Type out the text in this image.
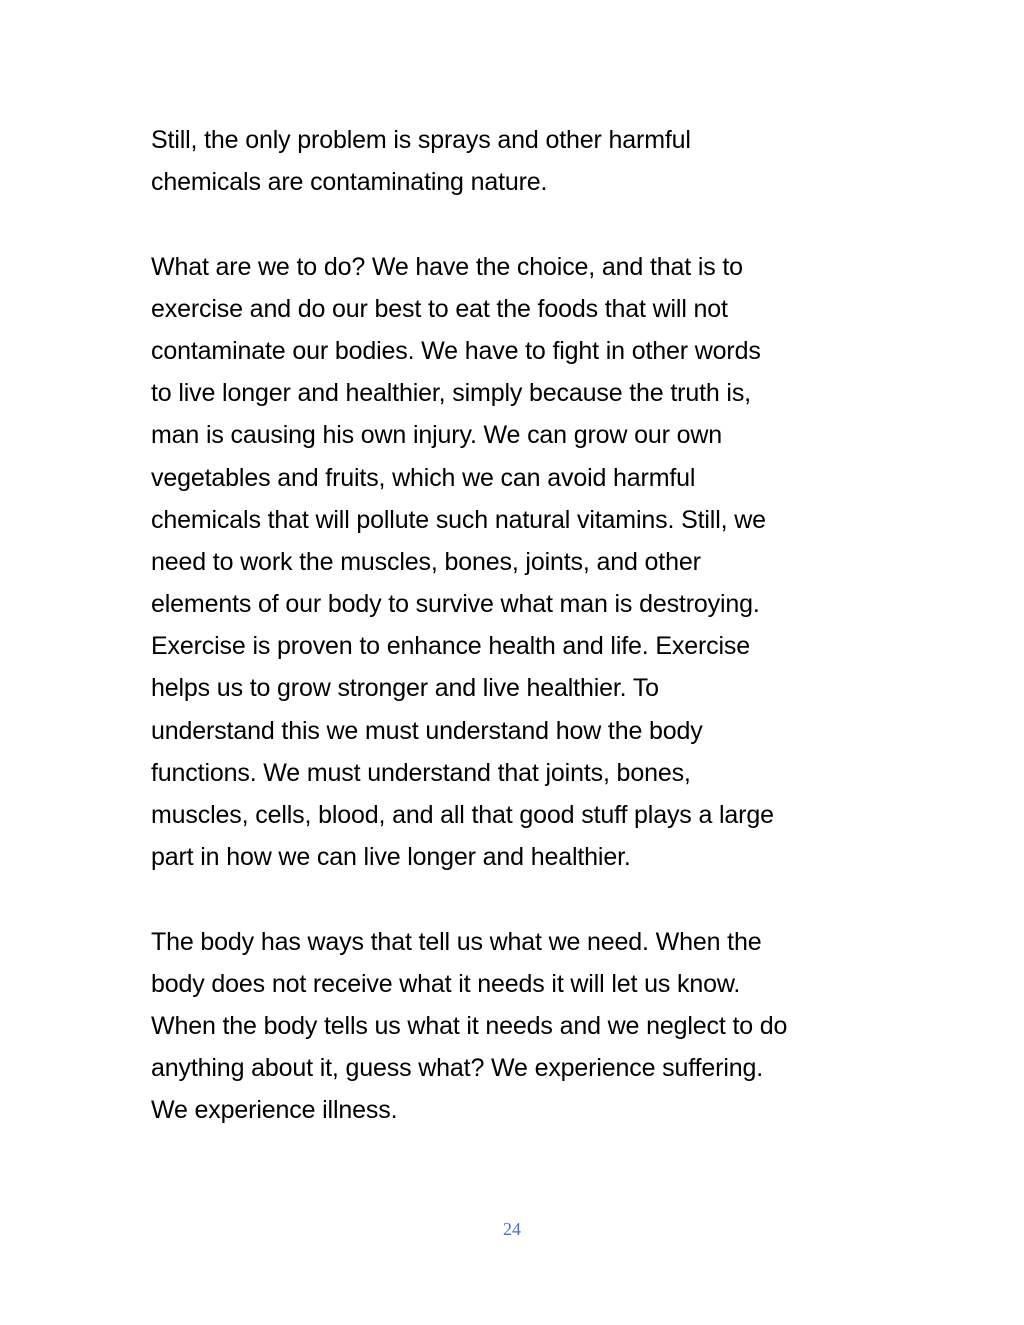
Still, the only problem is sprays and other harmful
chemicals are contaminating nature.
What are we to do? We have the choice, and that is to
exercise and do our best to eat the foods that will not
contaminate our bodies. We have to fight in other words
to live longer and healthier, simply because the truth is,
man is causing his own injury. We can grow our own
vegetables and fruits, which we can avoid harmful
chemicals that will pollute such natural vitamins. Still, we
need to work the muscles, bones, joints, and other
elements of our body to survive what man is destroying.
Exercise is proven to enhance health and life. Exercise
helps us to grow stronger and live healthier. To
understand this we must understand how the body
functions. We must understand that joints, bones,
muscles, cells, blood, and all that good stuff plays a large
part in how we can live longer and healthier.
The body has ways that tell us what we need. When the
body does not receive what it needs it will let us know.
When the body tells us what it needs and we neglect to do
anything about it, guess what? We experience suffering.
We experience illness.
24
